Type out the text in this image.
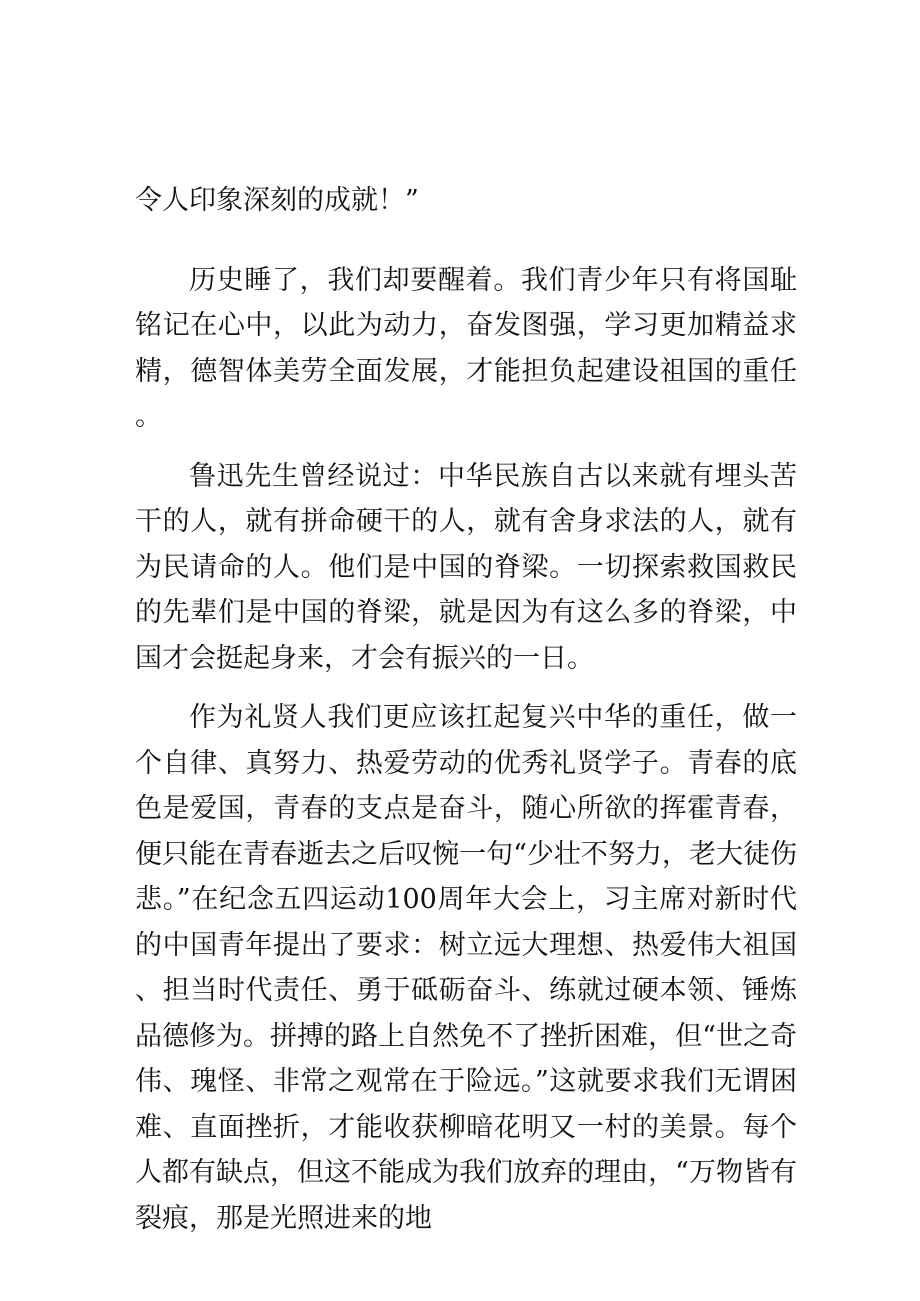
令人印象深刻的成就！”

历史睡了，我们却要醒着。我们青少年只有将国耻铭记在心中，以此为动力，奋发图强，学习更加精益求精，德智体美劳全面发展，才能担负起建设祖国的重任。

鲁迅先生曾经说过：中华民族自古以来就有埋头苦干的人，就有拼命硬干的人，就有舍身求法的人，就有为民请命的人。他们是中国的脊梁。一切探索救国救民的先辈们是中国的脊梁，就是因为有这么多的脊梁，中国才会挺起身来，才会有振兴的一日。

作为礼贤人我们更应该扛起复兴中华的重任，做一个自律、真努力、热爱劳动的优秀礼贤学子。青春的底色是爱国，青春的支点是奋斗，随心所欲的挥霍青春，便只能在青春逝去之后叹惋一句“少壮不努力，老大徒伤悲。”在纪念五四运动100周年大会上，习主席对新时代的中国青年提出了要求：树立远大理想、热爱伟大祖国、担当时代责任、勇于砥砺奋斗、练就过硬本领、锤炼品德修为。拼搏的路上自然免不了挫折困难，但“世之奇伟、瑰怪、非常之观常在于险远。”这就要求我们无谓困难、直面挫折，才能收获柳暗花明又一村的美景。每个人都有缺点，但这不能成为我们放弃的理由，“万物皆有裂痕，那是光照进来的地
